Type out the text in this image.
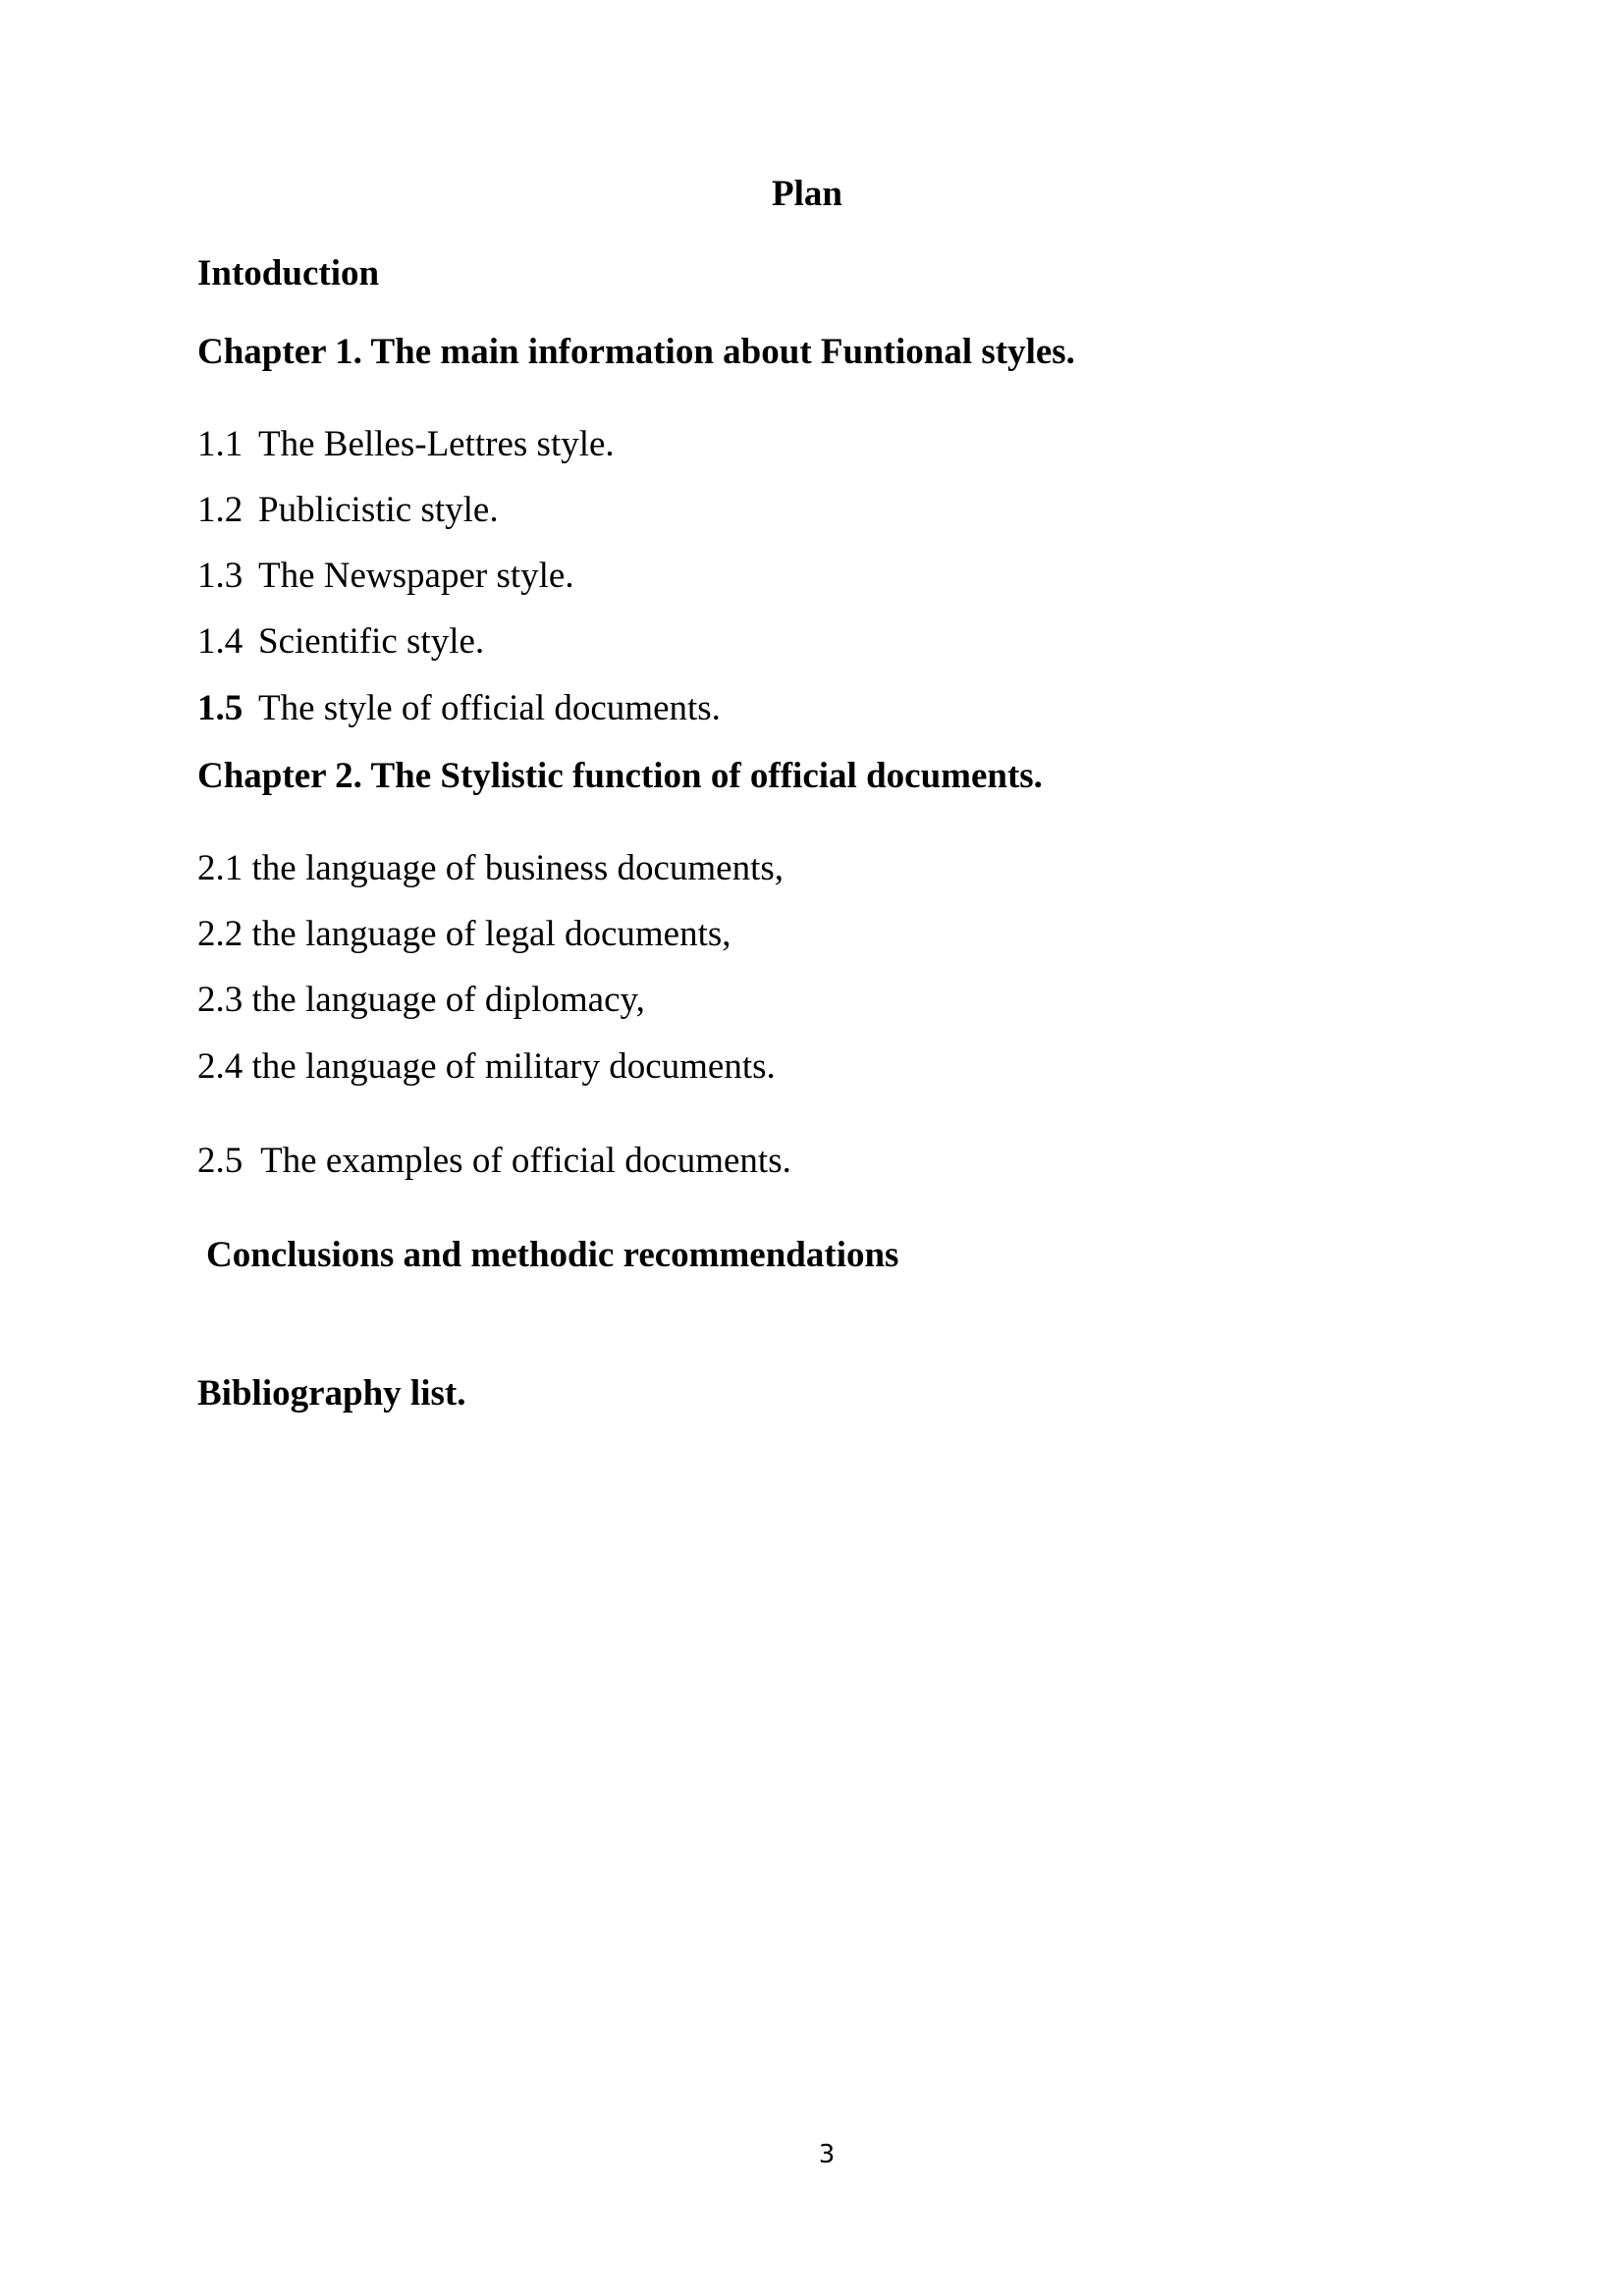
Plan
Intoduction
Chapter 1. The main information about Funtional styles.
1.1 The Belles-Lettres style.
1.2 Publicistic style.
1.3 The Newspaper style.
1.4 Scientific style.
1.5 The style of official documents.
Chapter 2. The Stylistic function of official documents.
2.1 the language of business documents,
2.2 the language of legal documents,
2.3 the language of diplomacy,
2.4 the language of military documents.
2.5  The examples of official documents.
Conclusions and methodic recommendations
Bibliography list.
3
